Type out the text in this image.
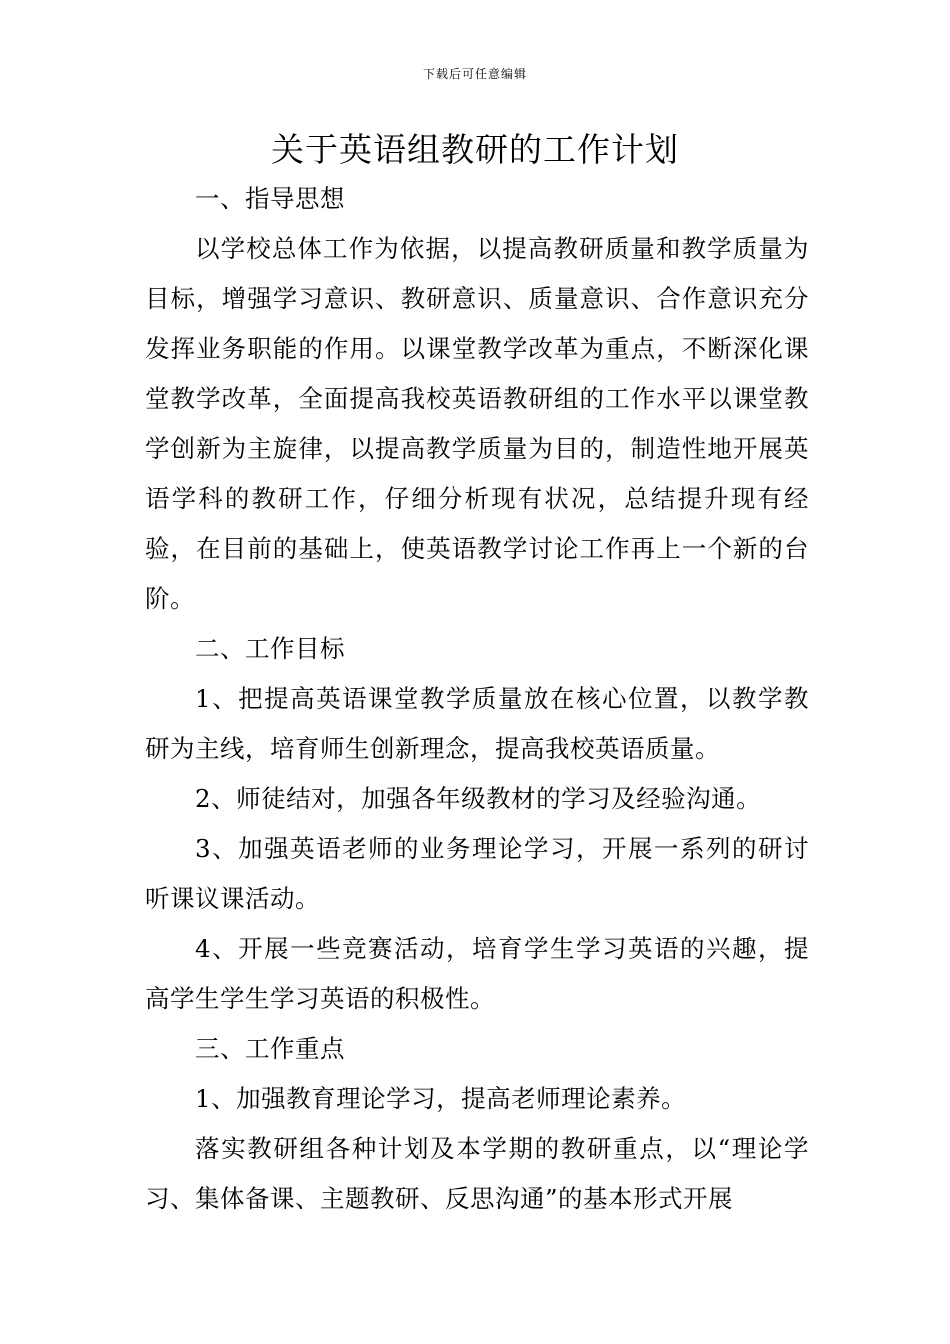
下载后可任意编辑
关于英语组教研的工作计划

一、指导思想

以学校总体工作为依据，以提高教研质量和教学质量为目标，增强学习意识、教研意识、质量意识、合作意识充分发挥业务职能的作用。以课堂教学改革为重点，不断深化课堂教学改革，全面提高我校英语教研组的工作水平以课堂教学创新为主旋律，以提高教学质量为目的，制造性地开展英语学科的教研工作，仔细分析现有状况，总结提升现有经验，在目前的基础上，使英语教学讨论工作再上一个新的台阶。

二、工作目标

1、把提高英语课堂教学质量放在核心位置，以教学教研为主线，培育师生创新理念，提高我校英语质量。

2、师徒结对，加强各年级教材的学习及经验沟通。

3、加强英语老师的业务理论学习，开展一系列的研讨听课议课活动。

4、开展一些竞赛活动，培育学生学习英语的兴趣，提高学生学生学习英语的积极性。

三、工作重点

1、加强教育理论学习，提高老师理论素养。

落实教研组各种计划及本学期的教研重点，以“理论学习、集体备课、主题教研、反思沟通”的基本形式开展
